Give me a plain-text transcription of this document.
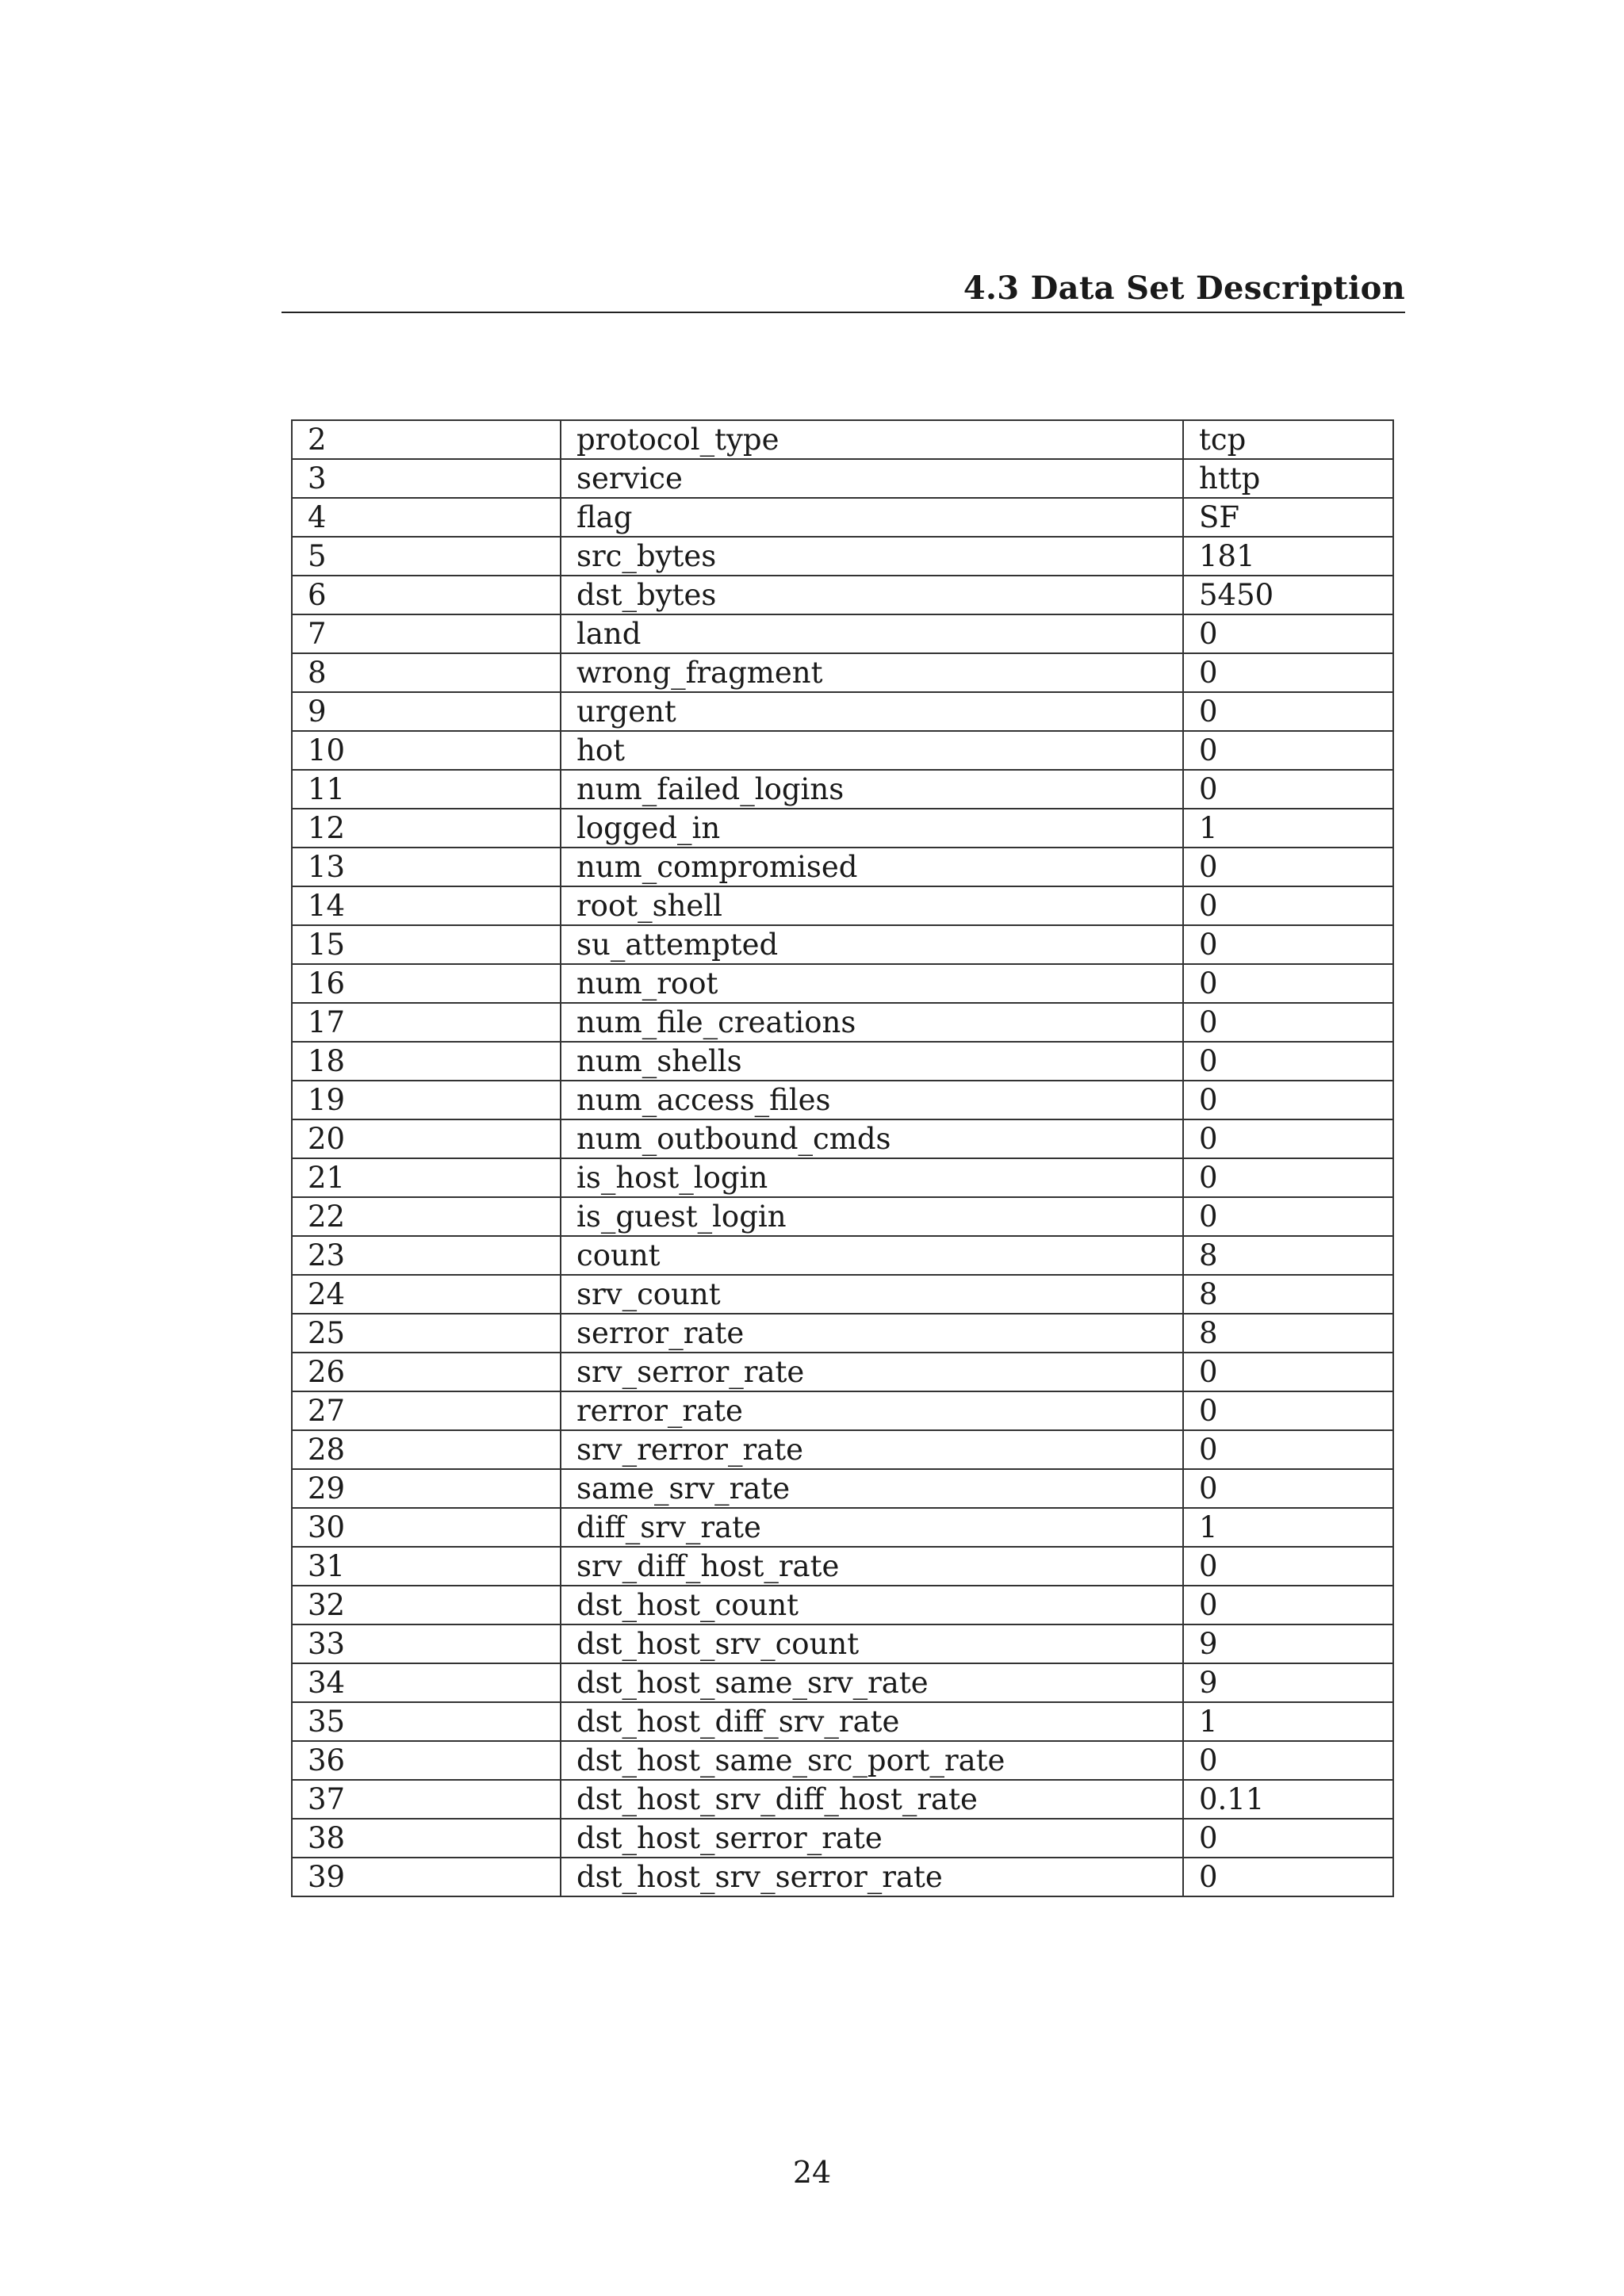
4.3 Data Set Description
2	protocol_type	tcp
3	service	http
4	flag	SF
5	src_bytes	181
6	dst_bytes	5450
7	land	0
8	wrong_fragment	0
9	urgent	0
10	hot	0
11	num_failed_logins	0
12	logged_in	1
13	num_compromised	0
14	root_shell	0
15	su_attempted	0
16	num_root	0
17	num_file_creations	0
18	num_shells	0
19	num_access_files	0
20	num_outbound_cmds	0
21	is_host_login	0
22	is_guest_login	0
23	count	8
24	srv_count	8
25	serror_rate	8
26	srv_serror_rate	0
27	rerror_rate	0
28	srv_rerror_rate	0
29	same_srv_rate	0
30	diff_srv_rate	1
31	srv_diff_host_rate	0
32	dst_host_count	0
33	dst_host_srv_count	9
34	dst_host_same_srv_rate	9
35	dst_host_diff_srv_rate	1
36	dst_host_same_src_port_rate	0
37	dst_host_srv_diff_host_rate	0.11
38	dst_host_serror_rate	0
39	dst_host_srv_serror_rate	0
24
